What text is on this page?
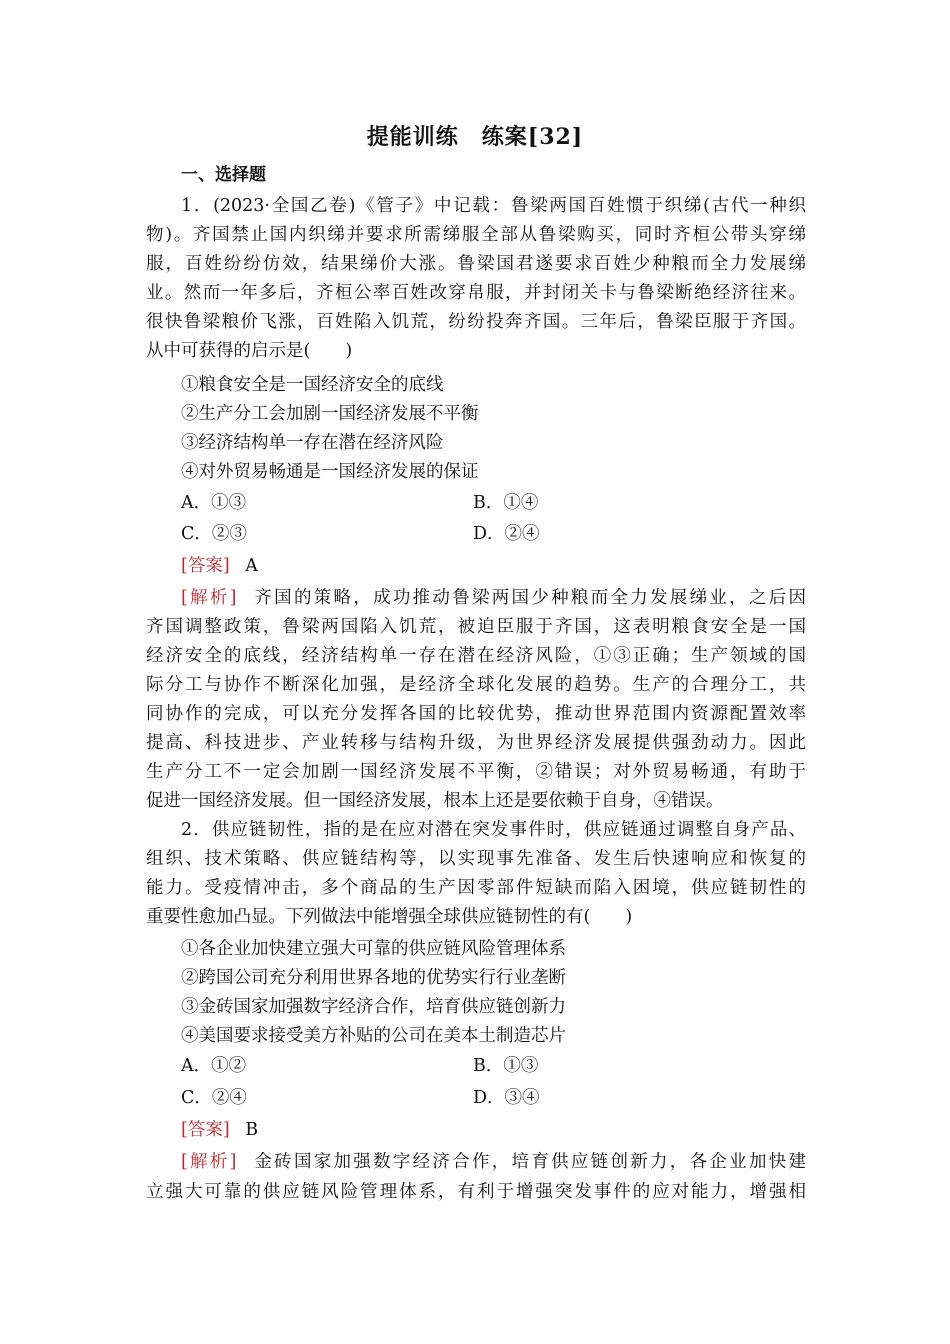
提能训练　练案[32]
一、选择题
1．(2023·全国乙卷)《管子》中记载：鲁梁两国百姓惯于织绨(古代一种织
物)。齐国禁止国内织绨并要求所需绨服全部从鲁梁购买，同时齐桓公带头穿绨
服，百姓纷纷仿效，结果绨价大涨。鲁梁国君遂要求百姓少种粮而全力发展绨
业。然而一年多后，齐桓公率百姓改穿帛服，并封闭关卡与鲁梁断绝经济往来。
很快鲁梁粮价飞涨，百姓陷入饥荒，纷纷投奔齐国。三年后，鲁梁臣服于齐国。
从中可获得的启示是(　　)
①粮食安全是一国经济安全的底线
②生产分工会加剧一国经济发展不平衡
③经济结构单一存在潜在经济风险
④对外贸易畅通是一国经济发展的保证
A．①③	B．①④
C．②③	D．②④
[答案] A
[解析] 齐国的策略，成功推动鲁梁两国少种粮而全力发展绨业，之后因
齐国调整政策，鲁梁两国陷入饥荒，被迫臣服于齐国，这表明粮食安全是一国
经济安全的底线，经济结构单一存在潜在经济风险，①③正确；生产领域的国
际分工与协作不断深化加强，是经济全球化发展的趋势。生产的合理分工，共
同协作的完成，可以充分发挥各国的比较优势，推动世界范围内资源配置效率
提高、科技进步、产业转移与结构升级，为世界经济发展提供强劲动力。因此
生产分工不一定会加剧一国经济发展不平衡，②错误；对外贸易畅通，有助于
促进一国经济发展。但一国经济发展，根本上还是要依赖于自身，④错误。
2．供应链韧性，指的是在应对潜在突发事件时，供应链通过调整自身产品、
组织、技术策略、供应链结构等，以实现事先准备、发生后快速响应和恢复的
能力。受疫情冲击，多个商品的生产因零部件短缺而陷入困境，供应链韧性的
重要性愈加凸显。下列做法中能增强全球供应链韧性的有(　　)
①各企业加快建立强大可靠的供应链风险管理体系
②跨国公司充分利用世界各地的优势实行行业垄断
③金砖国家加强数字经济合作，培育供应链创新力
④美国要求接受美方补贴的公司在美本土制造芯片
A．①②	B．①③
C．②④	D．③④
[答案] B
[解析] 金砖国家加强数字经济合作，培育供应链创新力，各企业加快建
立强大可靠的供应链风险管理体系，有利于增强突发事件的应对能力，增强相
